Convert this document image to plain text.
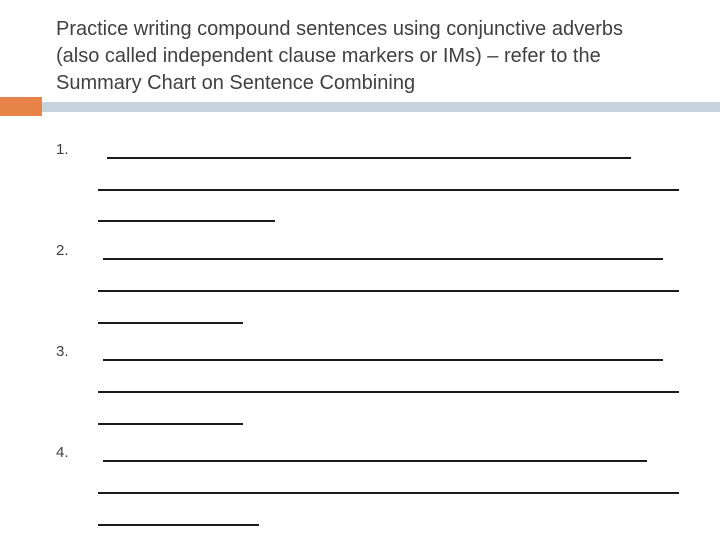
Practice writing compound sentences using conjunctive adverbs
(also called independent clause markers or IMs) – refer to the
Summary Chart on Sentence Combining
1.
2.
3.
4.
